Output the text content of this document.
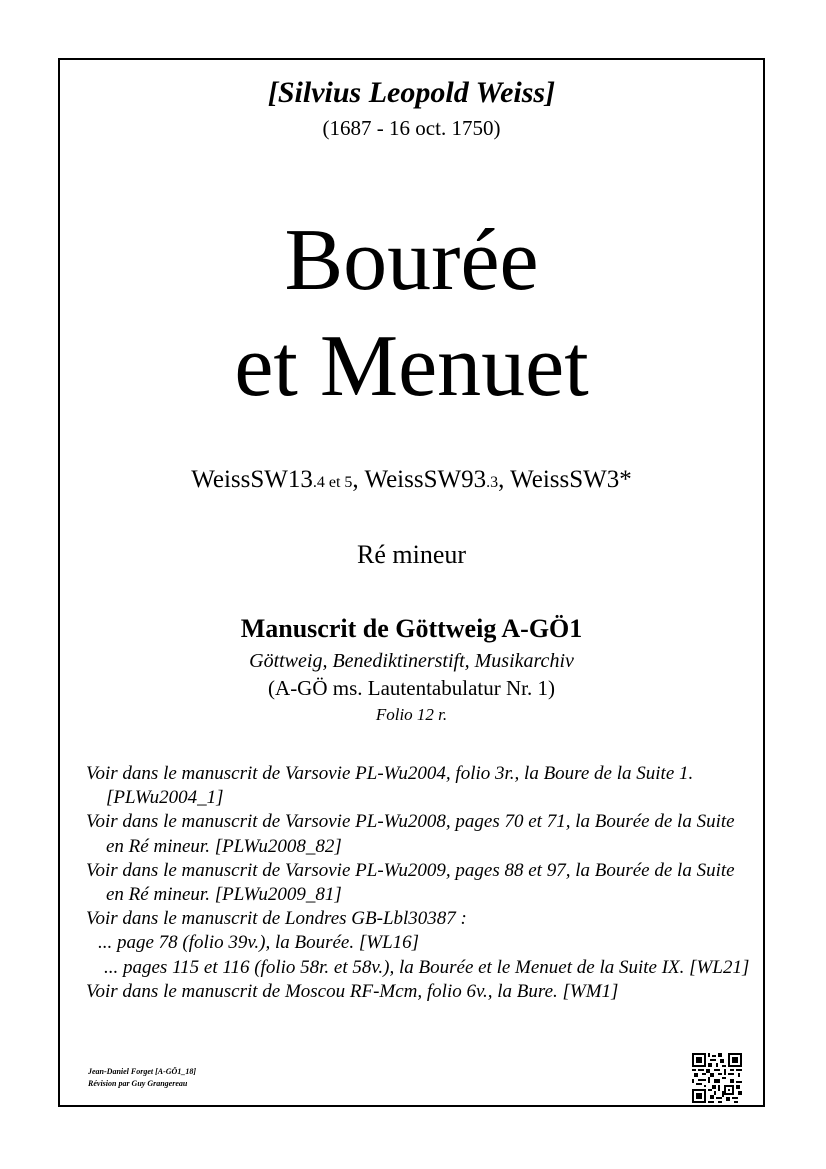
[Silvius Leopold Weiss]
(1687 - 16 oct. 1750)
Bourée
et Menuet
WeissSW13.4 et 5, WeissSW93.3, WeissSW3*
Ré mineur
Manuscrit de Göttweig A-GÖ1
Göttweig, Benediktinerstift, Musikarchiv
(A-GÖ ms. Lautentabulatur Nr. 1)
Folio 12 r.
Voir dans le manuscrit de Varsovie PL-Wu2004, folio 3r., la Boure de la Suite 1. [PLWu2004_1]
Voir dans le manuscrit de Varsovie PL-Wu2008, pages 70 et 71, la Bourée de la Suite en Ré mineur. [PLWu2008_82]
Voir dans le manuscrit de Varsovie PL-Wu2009, pages 88 et 97, la Bourée de la Suite en Ré mineur. [PLWu2009_81]
Voir dans le manuscrit de Londres GB-Lbl30387 :
... page 78 (folio 39v.), la Bourée. [WL16]
... pages 115 et 116 (folio 58r. et 58v.), la Bourée et le Menuet de la Suite IX. [WL21]
Voir dans le manuscrit de Moscou RF-Mcm, folio 6v., la Bure. [WM1]
Jean-Daniel Forget [A-GÖ1_18]
Révision par Guy Grangereau
